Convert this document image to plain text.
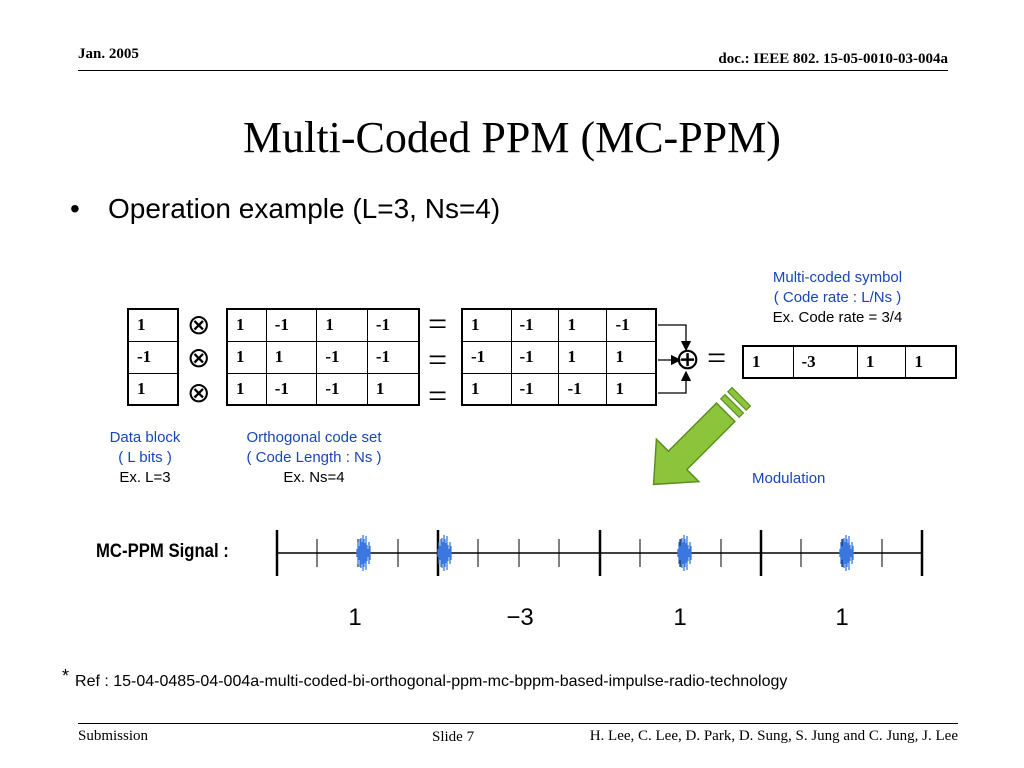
Jan. 2005	doc.: IEEE 802. 15-05-0010-03-004a
Multi-Coded PPM (MC-PPM)
• Operation example (L=3, Ns=4)
1
-1
1
⊗
⊗
⊗
1	-1	1	-1
1	1	-1	-1
1	-1	-1	1
=
=
=
1	-1	1	-1
-1	-1	1	1
1	-1	-1	1
⊕ = 1	-3	1	1
Data block
( L bits )
Ex. L=3
Orthogonal code set
( Code Length : Ns )
Ex. Ns=4
Multi-coded symbol
( Code rate : L/Ns )
Ex. Code rate = 3/4
Modulation
MC-PPM Signal :
1	−3	1	1
* Ref : 15-04-0485-04-004a-multi-coded-bi-orthogonal-ppm-mc-bppm-based-impulse-radio-technology
Submission	Slide 7	H. Lee, C. Lee, D. Park, D. Sung, S. Jung and C. Jung, J. Lee
